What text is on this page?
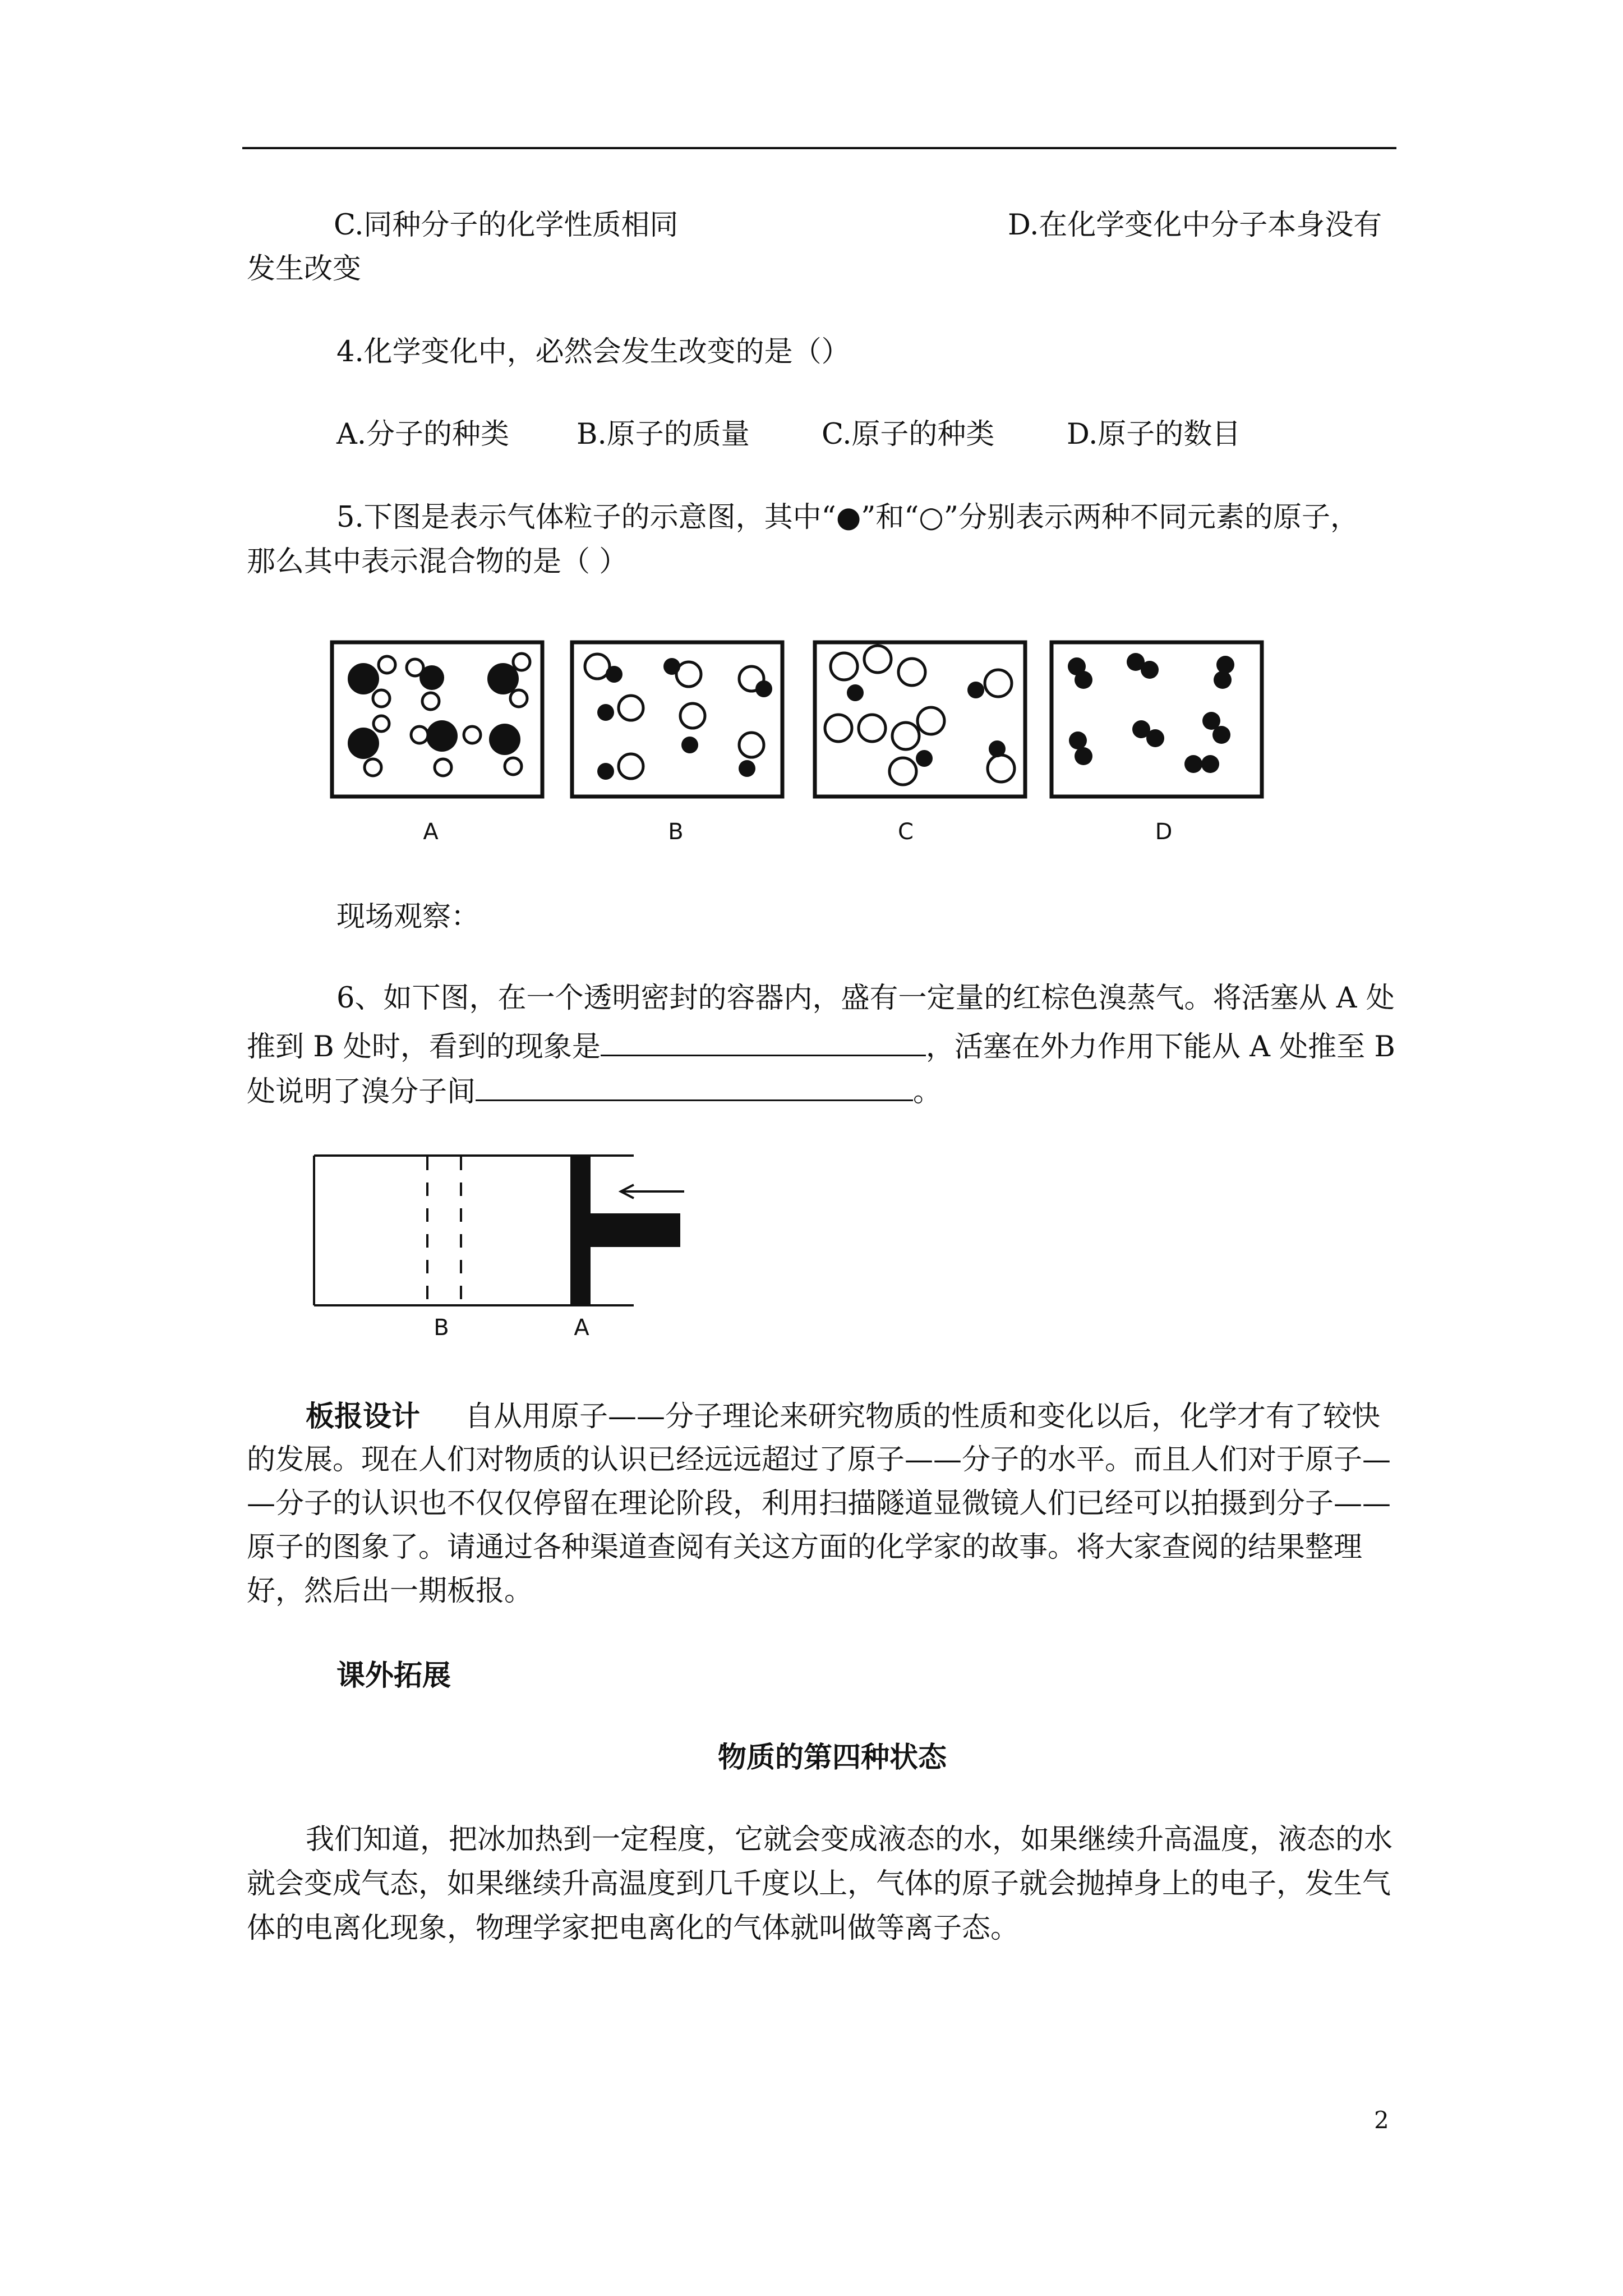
C.同种分子的化学性质相同	D.在化学变化中分子本身没有
发生改变
4.化学变化中，必然会发生改变的是（）
A.分子的种类 B.原子的质量	C.原子的种类	D.原子的数目
5.下图是表示气体粒子的示意图，其中“●”和“○”分别表示两种不同元素的原子，
那么其中表示混合物的是（ ）
A	B	C	D
现场观察：
6、如下图，在一个透明密封的容器内，盛有一定量的红棕色溴蒸气。将活塞从 A 处
推到 B 处时，看到的现象是	，活塞在外力作用下能从 A 处推至 B
处说明了溴分子间	。
B	A
板报设计 自从用原子——分子理论来研究物质的性质和变化以后，化学才有了较快
的发展。现在人们对物质的认识已经远远超过了原子——分子的水平。而且人们对于原子—
—分子的认识也不仅仅停留在理论阶段，利用扫描隧道显微镜人们已经可以拍摄到分子——
原子的图象了。请通过各种渠道查阅有关这方面的化学家的故事。将大家查阅的结果整理
好，然后出一期板报。
课外拓展
物质的第四种状态
我们知道，把冰加热到一定程度，它就会变成液态的水，如果继续升高温度，液态的水
就会变成气态，如果继续升高温度到几千度以上，气体的原子就会抛掉身上的电子，发生气
体的电离化现象，物理学家把电离化的气体就叫做等离子态。
2
